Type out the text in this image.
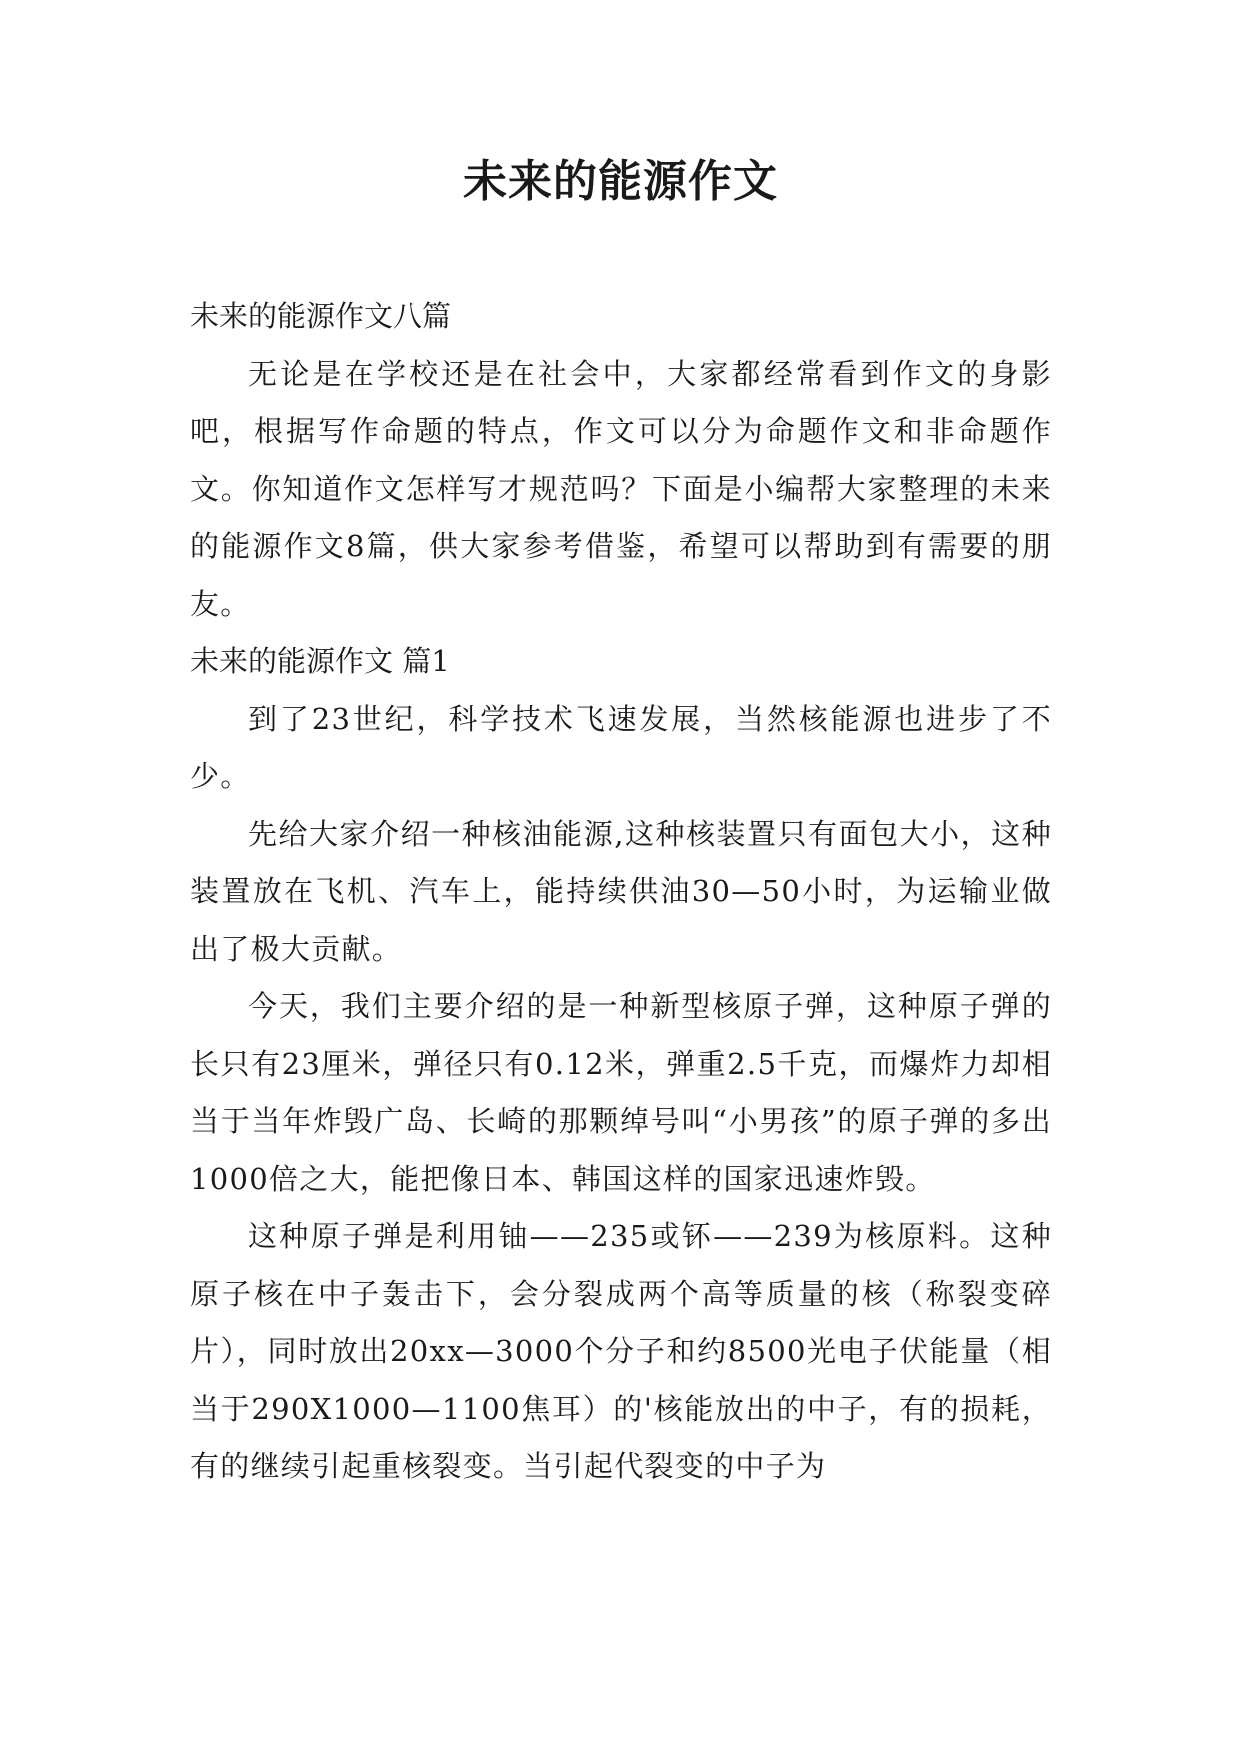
未来的能源作文

未来的能源作文八篇

无论是在学校还是在社会中，大家都经常看到作文的身影吧，根据写作命题的特点，作文可以分为命题作文和非命题作文。你知道作文怎样写才规范吗？下面是小编帮大家整理的未来的能源作文8篇，供大家参考借鉴，希望可以帮助到有需要的朋友。

未来的能源作文 篇1

到了23世纪，科学技术飞速发展，当然核能源也进步了不少。

先给大家介绍一种核油能源,这种核装置只有面包大小，这种装置放在飞机、汽车上，能持续供油30—50小时，为运输业做出了极大贡献。

今天，我们主要介绍的是一种新型核原子弹，这种原子弹的长只有23厘米，弹径只有0.12米，弹重2.5千克，而爆炸力却相当于当年炸毁广岛、长崎的那颗绰号叫“小男孩”的原子弹的多出1000倍之大，能把像日本、韩国这样的国家迅速炸毁。

这种原子弹是利用铀——235或钚——239为核原料。这种原子核在中子轰击下，会分裂成两个高等质量的核（称裂变碎片），同时放出20xx—3000个分子和约8500光电子伏能量（相当于290X1000—1100焦耳）的'核能放出的中子，有的损耗，有的继续引起重核裂变。当引起代裂变的中子为
